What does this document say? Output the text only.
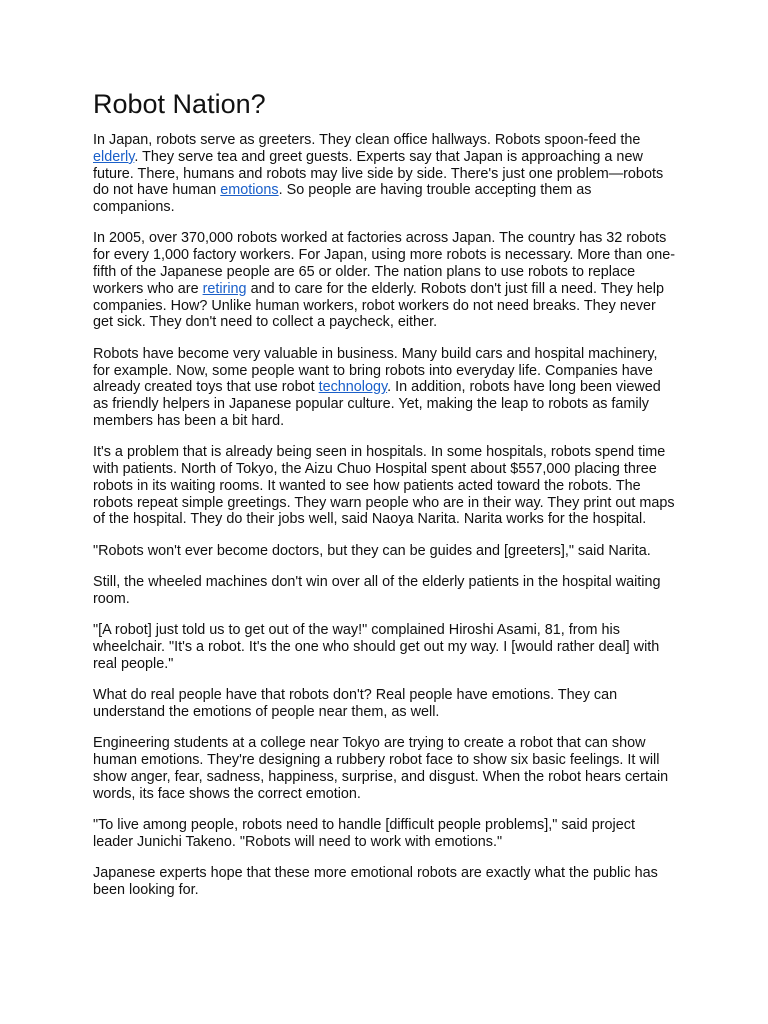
Robot Nation?

In Japan, robots serve as greeters. They clean office hallways. Robots spoon-feed the elderly. They serve tea and greet guests. Experts say that Japan is approaching a new future. There, humans and robots may live side by side. There's just one problem—robots do not have human emotions. So people are having trouble accepting them as companions.

In 2005, over 370,000 robots worked at factories across Japan. The country has 32 robots for every 1,000 factory workers. For Japan, using more robots is necessary. More than one-fifth of the Japanese people are 65 or older. The nation plans to use robots to replace workers who are retiring and to care for the elderly. Robots don't just fill a need. They help companies. How? Unlike human workers, robot workers do not need breaks. They never get sick. They don't need to collect a paycheck, either.

Robots have become very valuable in business. Many build cars and hospital machinery, for example. Now, some people want to bring robots into everyday life. Companies have already created toys that use robot technology. In addition, robots have long been viewed as friendly helpers in Japanese popular culture. Yet, making the leap to robots as family members has been a bit hard.

It's a problem that is already being seen in hospitals. In some hospitals, robots spend time with patients. North of Tokyo, the Aizu Chuo Hospital spent about $557,000 placing three robots in its waiting rooms. It wanted to see how patients acted toward the robots. The robots repeat simple greetings. They warn people who are in their way. They print out maps of the hospital. They do their jobs well, said Naoya Narita. Narita works for the hospital.

"Robots won't ever become doctors, but they can be guides and [greeters]," said Narita.

Still, the wheeled machines don't win over all of the elderly patients in the hospital waiting room.

"[A robot] just told us to get out of the way!" complained Hiroshi Asami, 81, from his wheelchair. "It's a robot. It's the one who should get out my way. I [would rather deal] with real people."

What do real people have that robots don't? Real people have emotions. They can understand the emotions of people near them, as well.

Engineering students at a college near Tokyo are trying to create a robot that can show human emotions. They're designing a rubbery robot face to show six basic feelings. It will show anger, fear, sadness, happiness, surprise, and disgust. When the robot hears certain words, its face shows the correct emotion.

"To live among people, robots need to handle [difficult people problems]," said project leader Junichi Takeno. "Robots will need to work with emotions."

Japanese experts hope that these more emotional robots are exactly what the public has been looking for.
